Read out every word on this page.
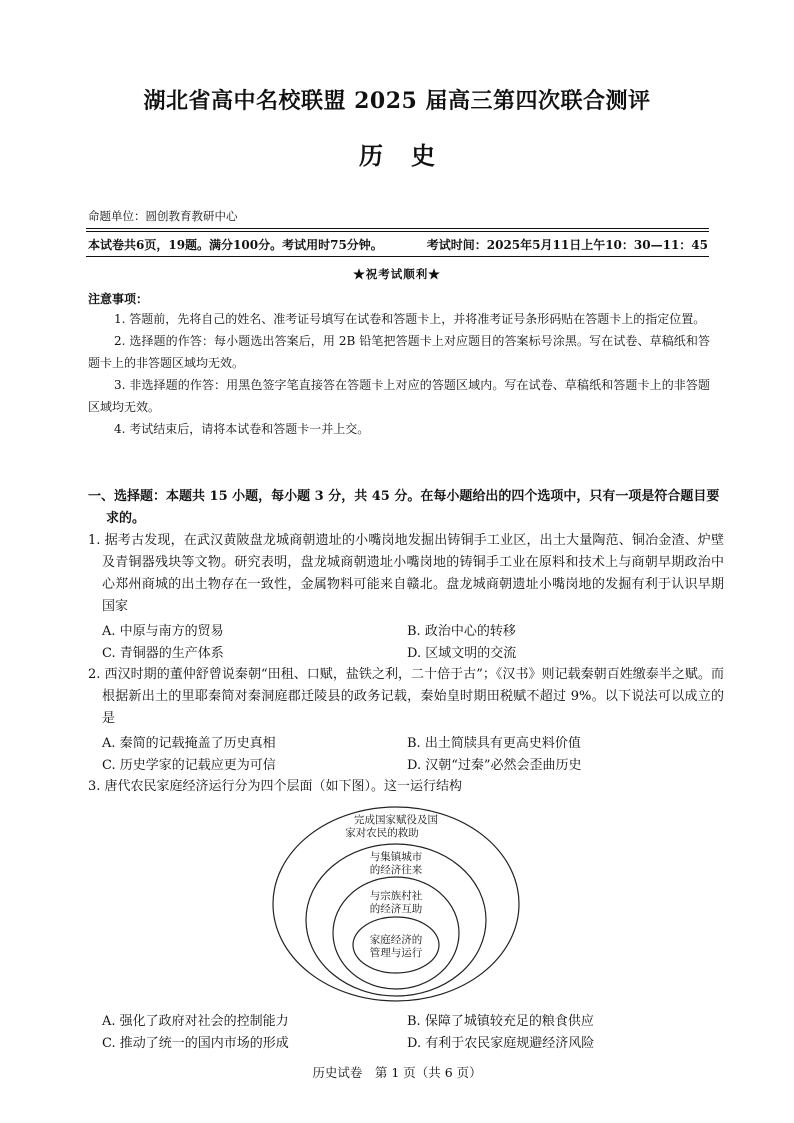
湖北省高中名校联盟 2025 届高三第四次联合测评
历史
命题单位：圆创教育教研中心
本试卷共6页，19题。满分100分。考试用时75分钟。	考试时间：2025年5月11日上午10：30—11：45
★祝考试顺利★
注意事项：

1. 答题前，先将自己的姓名、准考证号填写在试卷和答题卡上，并将准考证号条形码贴在答题卡上的指定位置。

2. 选择题的作答：每小题选出答案后，用 2B 铅笔把答题卡上对应题目的答案标号涂黑。写在试卷、草稿纸和答题卡上的非答题区域均无效。

3. 非选择题的作答：用黑色签字笔直接答在答题卡上对应的答题区域内。写在试卷、草稿纸和答题卡上的非答题区域均无效。

4. 考试结束后，请将本试卷和答题卡一并上交。

一、选择题：本题共 15 小题，每小题 3 分，共 45 分。在每小题给出的四个选项中，只有一项是符合题目要求的。
1. 据考古发现，在武汉黄陂盘龙城商朝遗址的小嘴岗地发掘出铸铜手工业区，出土大量陶范、铜冶金渣、炉壁及青铜器残块等文物。研究表明，盘龙城商朝遗址小嘴岗地的铸铜手工业在原料和技术上与商朝早期政治中心郑州商城的出土物存在一致性，金属物料可能来自赣北。盘龙城商朝遗址小嘴岗地的发掘有利于认识早期国家
A. 中原与南方的贸易	B. 政治中心的转移
C. 青铜器的生产体系	D. 区域文明的交流
2. 西汉时期的董仲舒曾说秦朝“田租、口赋，盐铁之利，二十倍于古”；《汉书》则记载秦朝百姓缴泰半之赋。而根据新出土的里耶秦简对秦洞庭郡迁陵县的政务记载，秦始皇时期田税赋不超过 9%。以下说法可以成立的是
A. 秦简的记载掩盖了历史真相	B. 出土简牍具有更高史料价值
C. 历史学家的记载应更为可信	D. 汉朝“过秦”必然会歪曲历史
3. 唐代农民家庭经济运行分为四个层面（如下图）。这一运行结构
完成国家赋役及国
家对农民的救助
与集镇城市
的经济往来
与宗族村社
的经济互助
家庭经济的
管理与运行
A. 强化了政府对社会的控制能力	B. 保障了城镇较充足的粮食供应
C. 推动了统一的国内市场的形成	D. 有利于农民家庭规避经济风险
历史试卷　第 1 页（共 6 页）
